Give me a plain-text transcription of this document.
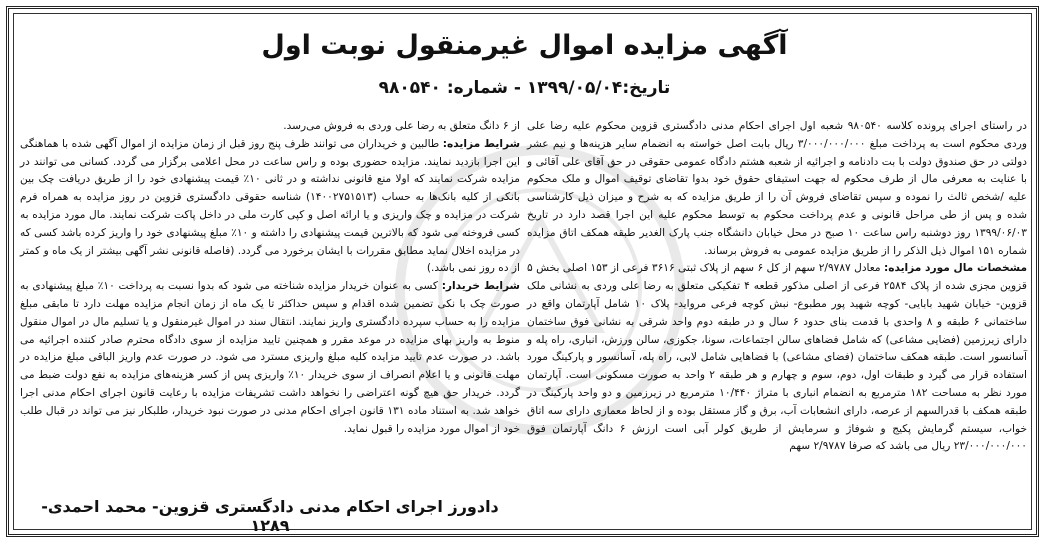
آگهی مزایده اموال غیرمنقول نوبت اول
تاریخ:۱۳۹۹/۰۵/۰۴ - شماره: ۹۸۰۵۴۰

در راستای اجرای پرونده کلاسه ۹۸۰۵۴۰ شعبه اول اجرای احکام مدنی دادگستری قزوین محکوم علیه رضا علی وردی محکوم است به پرداخت مبلغ ۳/۰۰۰/۰۰۰/۰۰۰ ریال بابت اصل خواسته به انضمام سایر هزینه‌ها و نیم عشر دولتی در حق صندوق دولت با بت دادنامه و اجرائیه از شعبه هشتم دادگاه عمومی حقوقی در حق آقای علی آقائی و با عنایت به معرفی مال از طرف محکوم له جهت استیفای حقوق خود بدوا تقاضای توقیف اموال و ملک محکوم علیه /شخص ثالث را نموده و سپس تقاضای فروش آن را از طریق مزایده که به شرح و میزان ذیل کارشناسی شده و پس از طی مراحل قانونی و عدم پرداخت محکوم به توسط محکوم علیه این اجرا قصد دارد در تاریخ ۱۳۹۹/۰۶/۰۳ روز دوشنبه راس ساعت ۱۰ صبح در محل خیابان دانشگاه جنب پارک الغدیر طبقه همکف اتاق مزایده شماره ۱۵۱ اموال ذیل الذکر را از طریق مزایده عمومی به فروش برساند.

مشخصات مال مورد مزایده: معادل ۲/۹۷۸۷ سهم از کل ۶ سهم از پلاک ثبتی ۳۶۱۶ فرعی از ۱۵۳ اصلی بخش ۵ قزوین مجزی شده از پلاک ۲۵۸۴ فرعی از اصلی مذکور قطعه ۴ تفکیکی متعلق به رضا علی وردی به نشانی ملک قزوین- خیابان شهید بابایی- کوچه شهید پور مطبوع- نبش کوچه فرعی مرواید- پلاک ۱۰ شامل آپارتمان واقع در ساختمانی ۶ طبقه و ۸ واحدی با قدمت بنای حدود ۶ سال و در طبقه دوم واحد شرقی به نشانی فوق ساختمان دارای زیرزمین (فضایی مشاعی) که شامل فضاهای سالن اجتماعات، سونا، جکوزی، سالن ورزش، انباری، راه پله و آسانسور است. طبقه همکف ساختمان (فضای مشاعی) با فضاهایی شامل لابی، راه پله، آسانسور و پارکینگ مورد استفاده قرار می گیرد و طبقات اول، دوم، سوم و چهارم و هر طبقه ۲ واحد به صورت مسکونی است. آپارتمان مورد نظر به مساحت ۱۸۲ مترمربع به انضمام انباری با متراژ ۱۰/۴۴۰ مترمربع در زیرزمین و دو واحد پارکینگ در طبقه همکف با قدرالسهم از عرصه، دارای انشعابات آب، برق و گاز مستقل بوده و از لحاظ معماری دارای سه اتاق خواب، سیستم گرمایش پکیج و شوفاژ و سرمایش از طریق کولر آبی است ارزش ۶ دانگ آپارتمان فوق ۲۳/۰۰۰/۰۰۰/۰۰۰ ریال می باشد که صرفا ۲/۹۷۸۷ سهم

از ۶ دانگ متعلق به رضا علی وردی به فروش می‌رسد.

شرایط مزایده: طالبین و خریداران می توانند ظرف پنج روز قبل از زمان مزایده از اموال آگهی شده با هماهنگی این اجرا بازدید نمایند. مزایده حضوری بوده و راس ساعت در محل اعلامی برگزار می گردد. کسانی می توانند در مزایده شرکت نمایند که اولا منع قانونی نداشته و در ثانی ۱۰٪ قیمت پیشنهادی خود را از طریق دریافت چک بین بانکی از کلیه بانک‌ها به حساب (۱۴۰۰۲۷۵۱۵۱۳) شناسه حقوقی دادگستری قزوین در روز مزایده به همراه فرم شرکت در مزایده و چک واریزی و یا ارائه اصل و کپی کارت ملی در داخل پاکت شرکت نمایند. مال مورد مزایده به کسی فروخته می شود که بالاترین قیمت پیشنهادی را داشته و ۱۰٪ مبلغ پیشنهادی خود را واریز کرده باشد کسی که در مزایده اخلال نماید مطابق مقررات با ایشان برخورد می گردد. (فاصله قانونی نشر آگهی بیشتر از یک ماه و کمتر از ده روز نمی باشد.)

شرایط خریدار: کسی به عنوان خریدار مزایده شناخته می شود که بدوا نسبت به پرداخت ۱۰٪ مبلغ پیشنهادی به صورت چک با نکی تضمین شده اقدام و سپس حداکثر تا یک ماه از زمان انجام مزایده مهلت دارد تا مابقی مبلغ مزایده را به حساب سپرده دادگستری واریز نمایند. انتقال سند در اموال غیرمنقول و یا تسلیم مال در اموال منقول منوط به واریز بهای مزایده در موعد مقرر و همچنین تایید مزایده از سوی دادگاه محترم صادر کننده اجرائیه می باشد. در صورت عدم تایید مزایده کلیه مبلغ واریزی مسترد می شود. در صورت عدم واریز الباقی مبلغ مزایده در مهلت قانونی و یا اعلام انصراف از سوی خریدار ۱۰٪ واریزی پس از کسر هزینه‌های مزایده به نفع دولت ضبط می گردد. خریدار حق هیچ گونه اعتراضی را نخواهد داشت تشریفات مزایده با رعایت قانون اجرای احکام مدنی اجرا خواهد شد. به استناد ماده ۱۳۱ قانون اجرای احکام مدنی در صورت نبود خریدار، طلبکار نیز می تواند در قبال طلب خود از اموال مورد مزایده را قبول نماید.

دادورز اجرای احکام مدنی دادگستری قزوین- محمد احمدی- ۱۲۸۹
